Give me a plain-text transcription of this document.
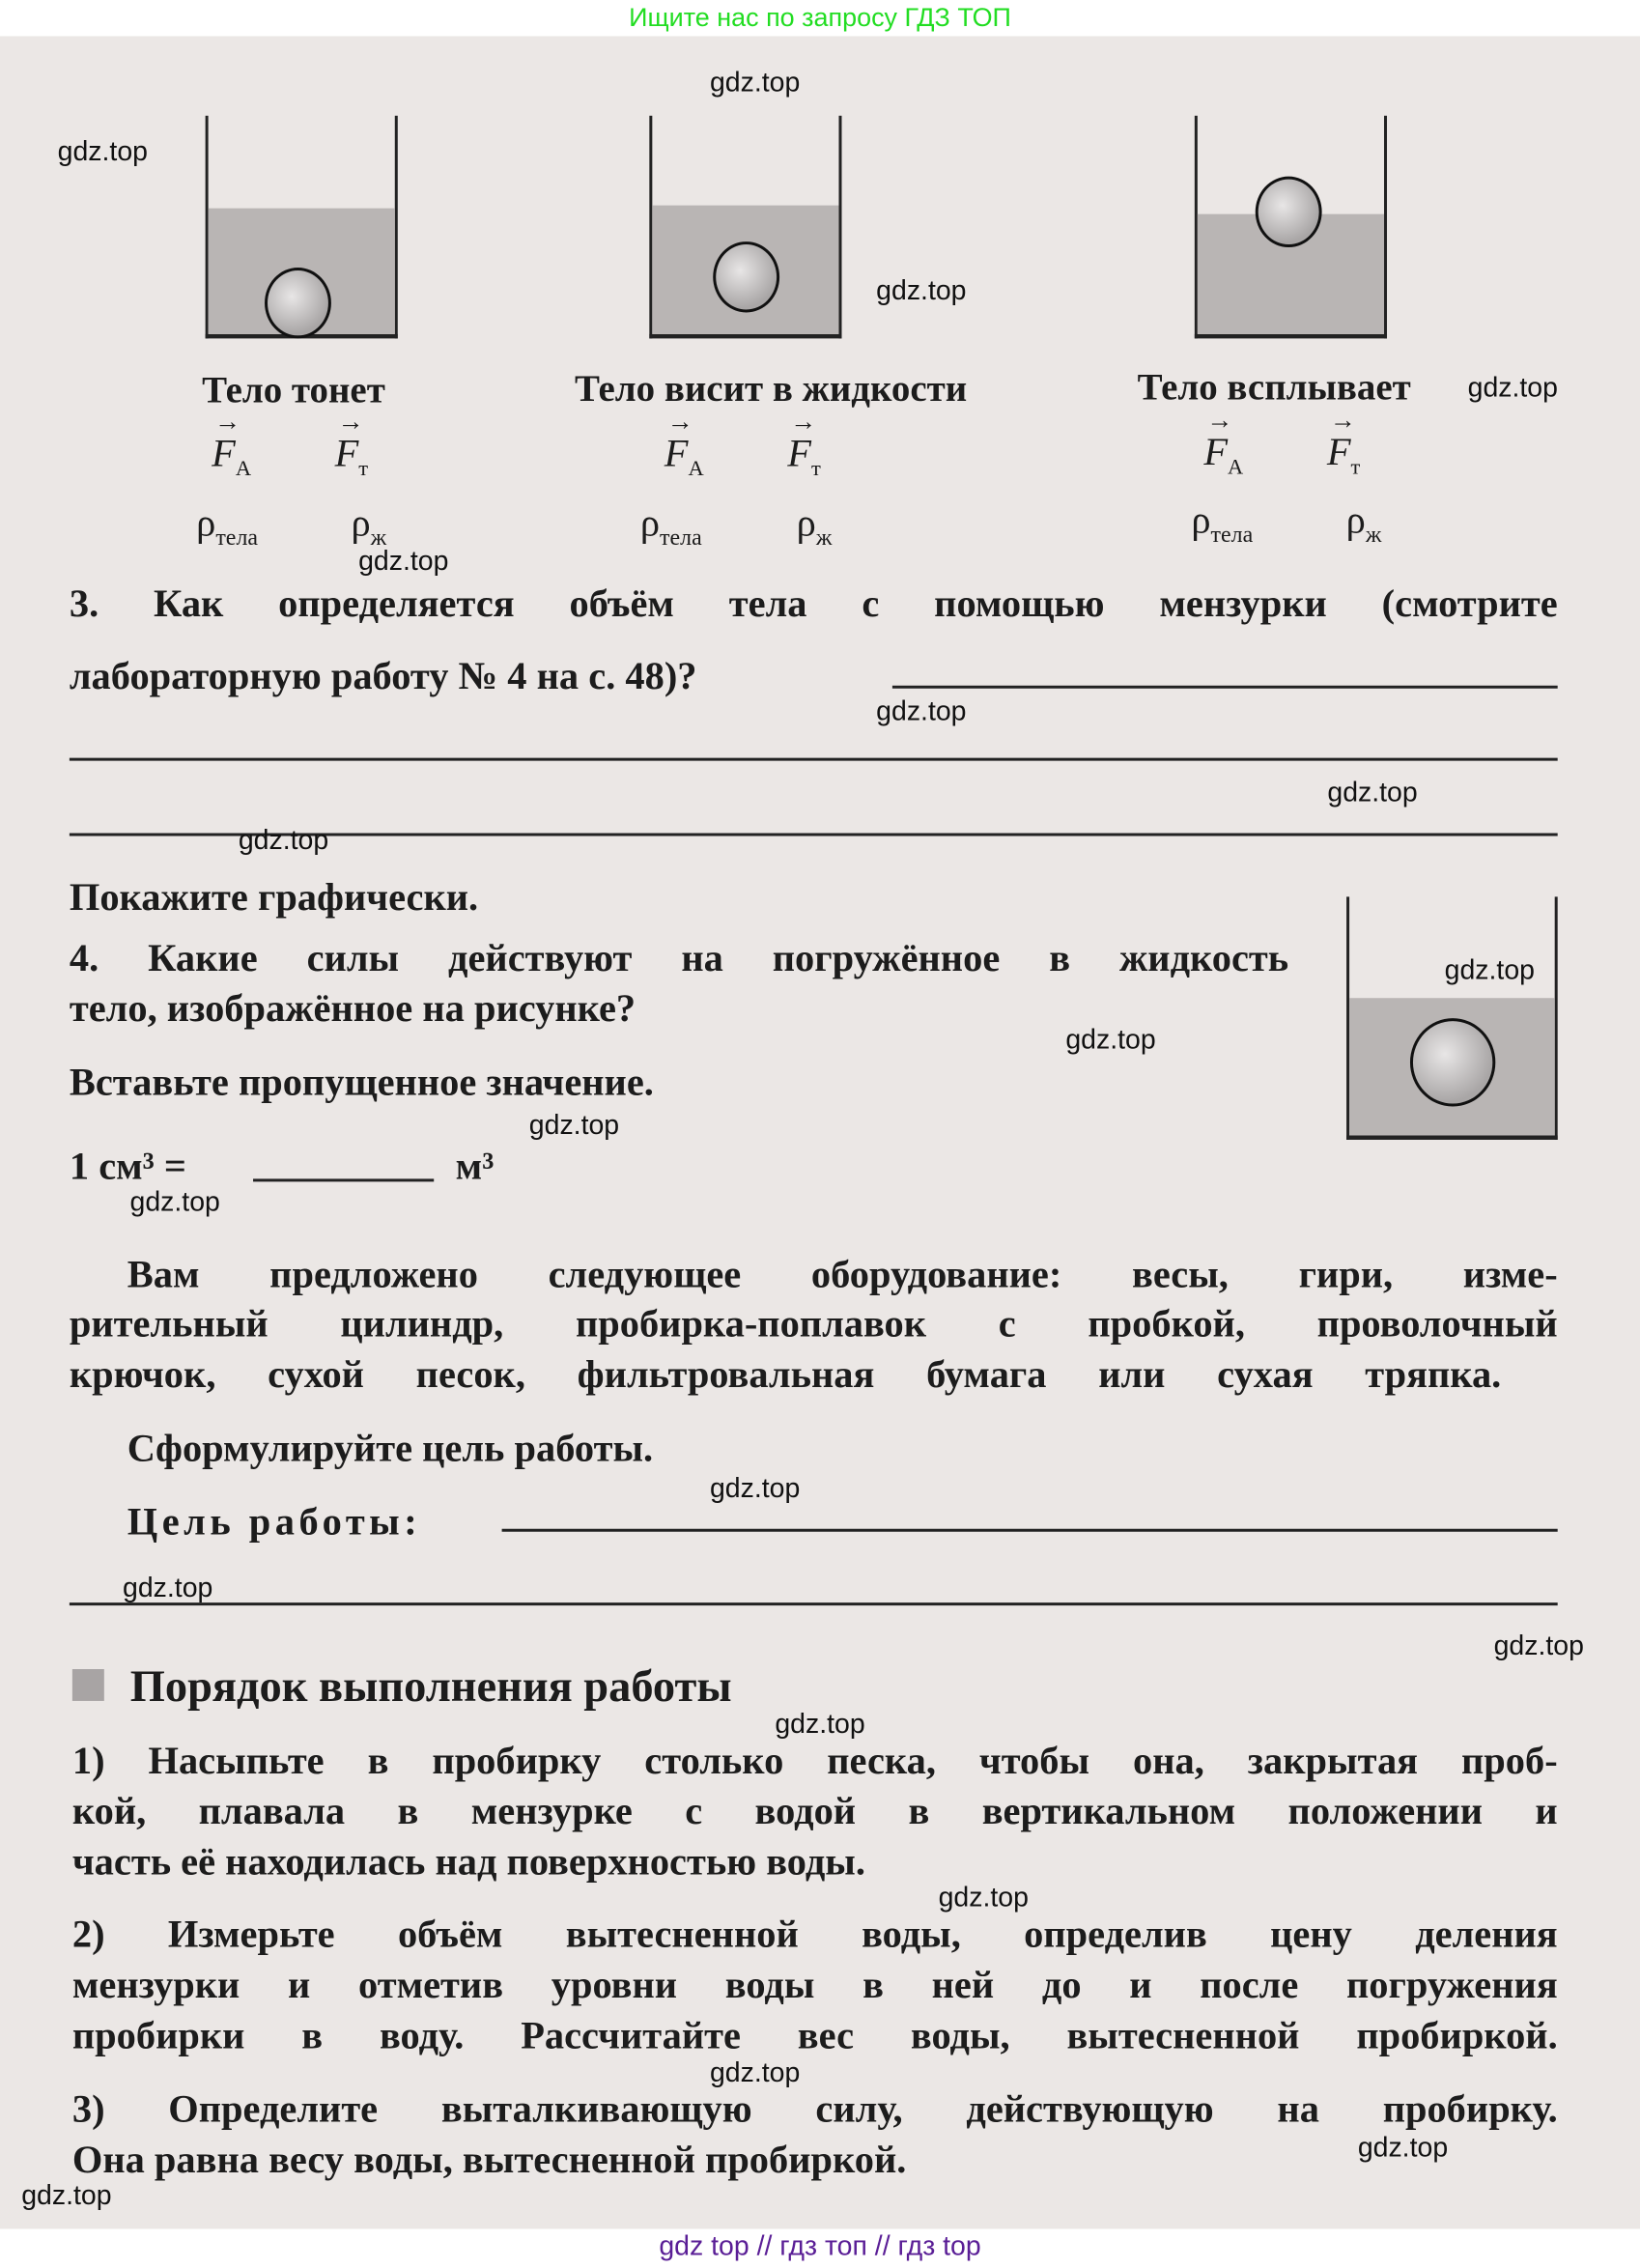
Ищите нас по запросу ГДЗ ТОП
Тело тонет	Тело висит в жидкости	Тело всплывает
→ $F_A$	→ $F_т$	→ $F_A$	→ $F_т$	→ $F_A$	→ $F_т$
$\rho_{тела}$	$\rho_ж$	$\rho_{тела}$	$\rho_ж$	$\rho_{тела}$	$\rho_ж$
3. Как определяется объём тела с помощью мензурки (смотрите
лабораторную работу № 4 на с. 48)?
Покажите графически.
4. Какие силы действуют на погружённое в жидкость
тело, изображённое на рисунке?
Вставьте пропущенное значение.
1 см³ =	м³
Вам предложено следующее оборудование: весы, гири, изме-
рительный цилиндр, пробирка-поплавок с пробкой, проволочный
крючок, сухой песок, фильтровальная бумага или сухая тряпка.
Сформулируйте цель работы.
Цель работы:
Порядок выполнения работы
1) Насыпьте в пробирку столько песка, чтобы она, закрытая проб-
кой, плавала в мензурке с водой в вертикальном положении и
часть её находилась над поверхностью воды.
2) Измерьте объём вытесненной воды, определив цену деления
мензурки и отметив уровни воды в ней до и после погружения
пробирки в воду. Рассчитайте вес воды, вытесненной пробиркой.
3) Определите выталкивающую силу, действующую на пробирку.
Она равна весу воды, вытесненной пробиркой.
gdz.top
gdz.top
gdz.top
gdz.top
gdz.top
gdz.top
gdz.top
gdz.top
gdz.top
gdz.top
gdz.top
gdz.top
gdz.top
gdz.top
gdz.top
gdz.top
gdz.top
gdz.top
gdz.top
gdz.top
gdz top // гдз топ // гдз top
